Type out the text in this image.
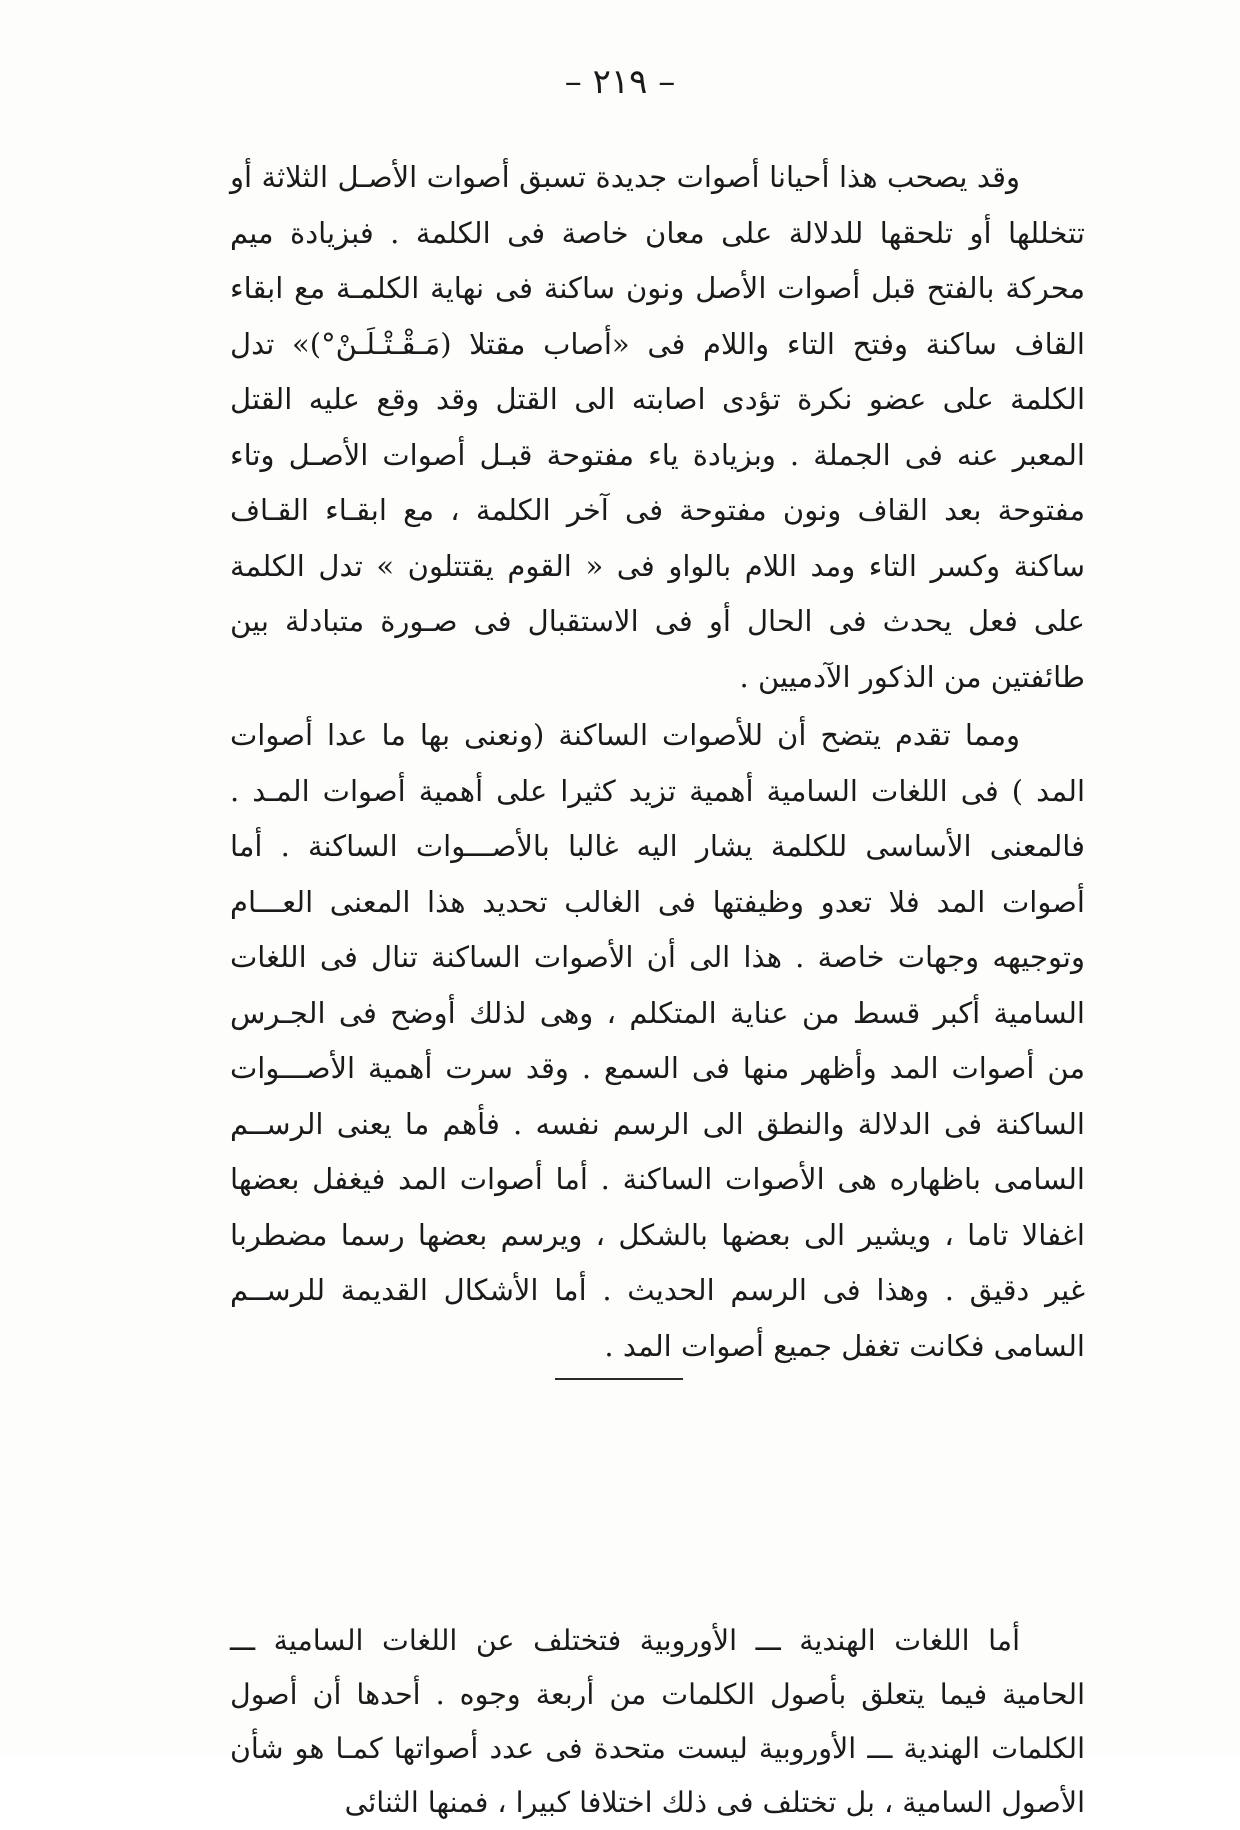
– ٢١٩ –

وقد يصحب هذا أحيانا أصوات جديدة تسبق أصوات الأصـل الثلاثة أو تتخللها أو تلحقها للدلالة على معان خاصة فى الكلمة . فبزيادة ميم محركة بالفتح قبل أصوات الأصل ونون ساكنة فى نهاية الكلمـة مع ابقاء القاف ساكنة وفتح التاء واللام فى «أصاب مقتلا (مَـقْـتْـلَـنْ°)» تدل الكلمة على عضو نكرة تؤدى اصابته الى القتل وقد وقع عليه القتل المعبر عنه فى الجملة . وبزيادة ياء مفتوحة قبـل أصوات الأصـل وتاء مفتوحة بعد القاف ونون مفتوحة فى آخر الكلمة ، مع ابقـاء القـاف ساكنة وكسر التاء ومد اللام بالواو فى « القوم يقتتلون » تدل الكلمة على فعل يحدث فى الحال أو فى الاستقبال فى صـورة متبادلة بين طائفتين من الذكور الآدميين .

ومما تقدم يتضح أن للأصوات الساكنة (ونعنى بها ما عدا أصوات المد ) فى اللغات السامية أهمية تزيد كثيرا على أهمية أصوات المـد . فالمعنى الأساسى للكلمة يشار اليه غالبا بالأصـــوات الساكنة . أما أصوات المد فلا تعدو وظيفتها فى الغالب تحديد هذا المعنى العـــام وتوجيهه وجهات خاصة . هذا الى أن الأصوات الساكنة تنال فى اللغات السامية أكبر قسط من عناية المتكلم ، وهى لذلك أوضح فى الجـرس من أصوات المد وأظهر منها فى السمع . وقد سرت أهمية الأصـــوات الساكنة فى الدلالة والنطق الى الرسم نفسه . فأهم ما يعنى الرســم السامى باظهاره هى الأصوات الساكنة . أما أصوات المد فيغفل بعضها اغفالا تاما ، ويشير الى بعضها بالشكل ، ويرسم بعضها رسما مضطربا غير دقيق . وهذا فى الرسم الحديث . أما الأشكال القديمة للرســم السامى فكانت تغفل جميع أصوات المد .

أما اللغات الهندية ـــ الأوروبية فتختلف عن اللغات السامية ـــ الحامية فيما يتعلق بأصول الكلمات من أربعة وجوه . أحدها أن أصول الكلمات الهندية ـــ الأوروبية ليست متحدة فى عدد أصواتها كمـا هو شأن الأصول السامية ، بل تختلف فى ذلك اختلافا كبيرا ، فمنها الثنائى
